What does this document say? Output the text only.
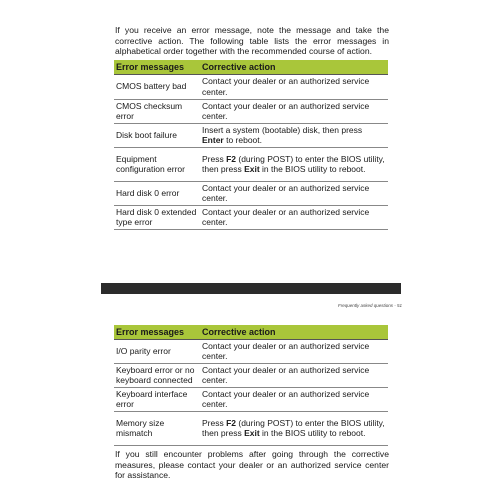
If you receive an error message, note the message and take the corrective action. The following table lists the error messages in alphabetical order together with the recommended course of action.

Error messages	Corrective action
CMOS battery bad	Contact your dealer or an authorized service center.
CMOS checksum error	Contact your dealer or an authorized service center.
Disk boot failure	Insert a system (bootable) disk, then press Enter to reboot.
Equipment configuration error	Press F2 (during POST) to enter the BIOS utility, then press Exit in the BIOS utility to reboot.
Hard disk 0 error	Contact your dealer or an authorized service center.
Hard disk 0 extended type error	Contact your dealer or an authorized service center.
Frequently asked questions - 51
Error messages	Corrective action
I/O parity error	Contact your dealer or an authorized service center.
Keyboard error or no keyboard connected	Contact your dealer or an authorized service center.
Keyboard interface error	Contact your dealer or an authorized service center.
Memory size mismatch	Press F2 (during POST) to enter the BIOS utility, then press Exit in the BIOS utility to reboot.

If you still encounter problems after going through the corrective measures, please contact your dealer or an authorized service center for assistance.
